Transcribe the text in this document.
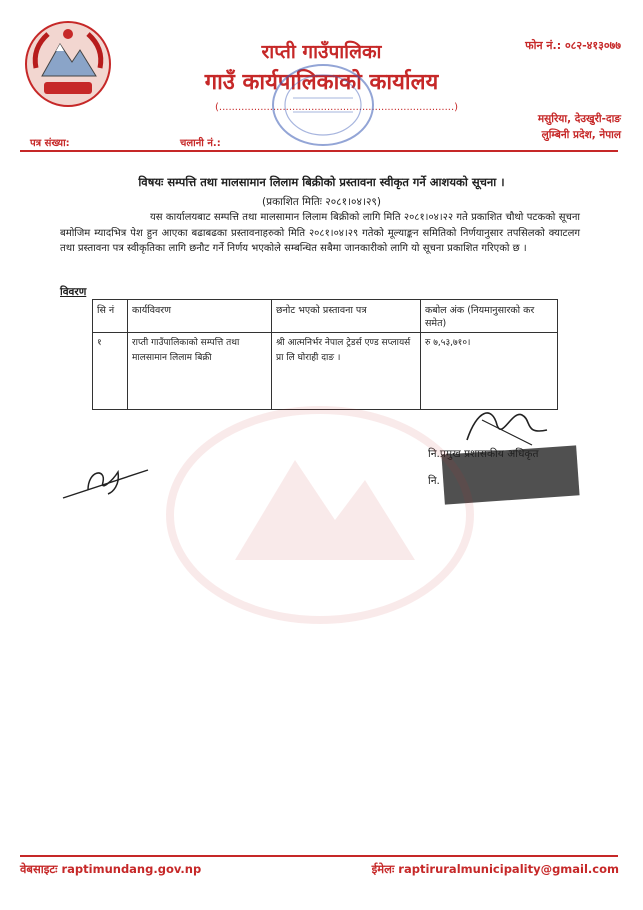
राप्ती गाउँपालिका
गाउँ कार्यपालिकाको कार्यालय
(..........................................................................)
फोन नं.: ०८२-४१३०७७
मसुरिया, देउखुरी-दाङ
लुम्बिनी प्रदेश, नेपाल
पत्र संख्या:	चलानी नं.:
विषयः सम्पत्ति तथा मालसामान लिलाम बिक्रीको प्रस्तावना स्वीकृत गर्ने आशयको सूचना ।
(प्रकाशित मितिः २०८१।०४।२९)
यस कार्यालयबाट सम्पत्ति तथा मालसामान लिलाम बिक्रीको लागि मिति २०८१।०४।२२ गते प्रकाशित चौथो पटकको सूचना बमोजिम म्यादभित्र पेश हुन आएका बढाबढका प्रस्तावनाहरुको मिति २०८१।०४।२९ गतेको मूल्याङ्कन समितिको निर्णयानुसार तपसिलको क्याटलग तथा प्रस्तावना पत्र स्वीकृतिका लागि छनौट गर्ने निर्णय भएकोले सम्बन्धित सबैमा जानकारीको लागि यो सूचना प्रकाशित गरिएको छ ।
विवरण
सि नं	कार्यविवरण	छनोट भएको प्रस्तावना पत्र	कबोल अंक (नियमानुसारको कर समेत)
१	राप्ती गाउँपालिकाको सम्पत्ति तथा मालसामान लिलाम बिक्री	श्री आत्मनिर्भर नेपाल ट्रेडर्स एण्ड सप्लायर्स प्रा लि घोराही दाङ ।	रु ७,५३,७१०।
नि.प्रमुख प्रशासकीय अधिकृत
नि.
वेबसाइटः raptimundang.gov.np	ईमेलः raptiruralmunicipality@gmail.com
